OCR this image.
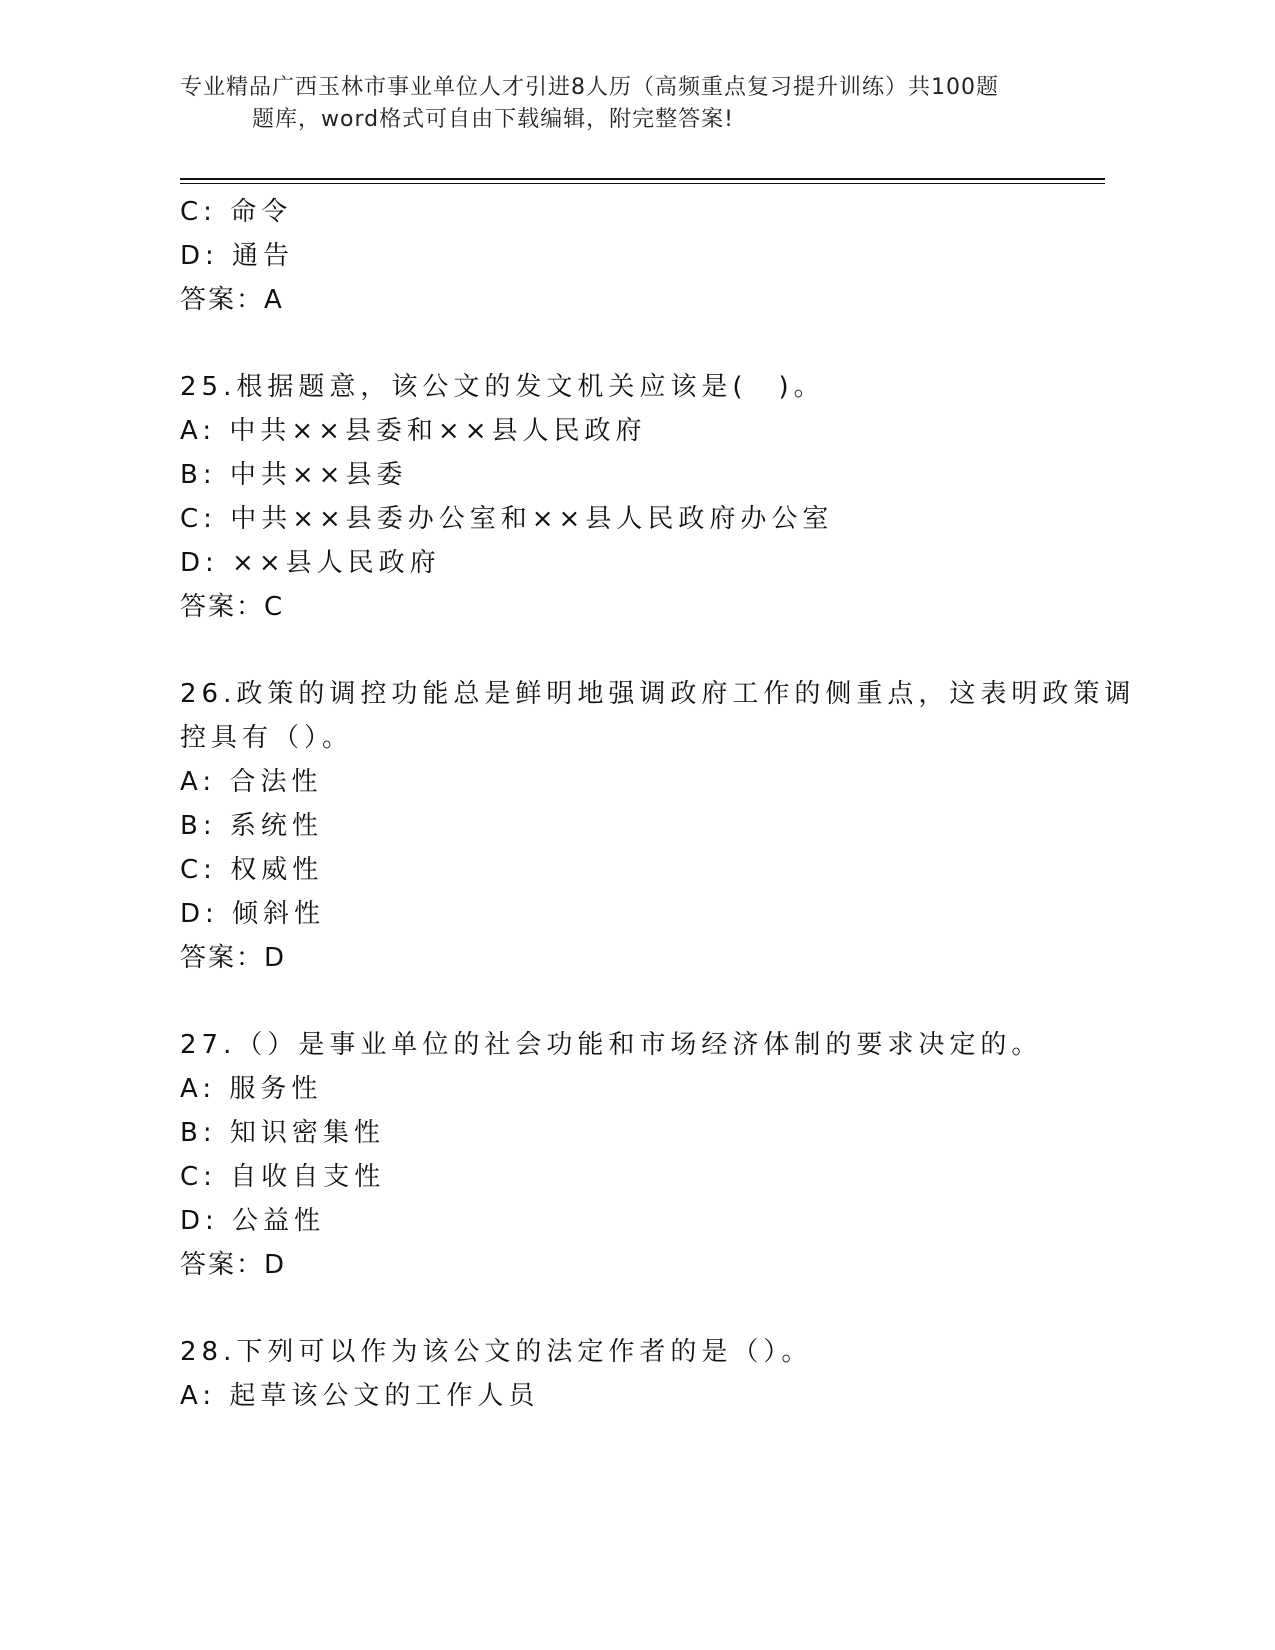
专业精品广西玉林市事业单位人才引进8人历（高频重点复习提升训练）共100题
题库，word格式可自由下载编辑，附完整答案!
C: 命令
D: 通告
答案：A
25.根据题意，该公文的发文机关应该是(　)。
A: 中共××县委和××县人民政府
B: 中共××县委
C: 中共××县委办公室和××县人民政府办公室
D: ××县人民政府
答案：C
26.政策的调控功能总是鲜明地强调政府工作的侧重点，这表明政策调
控具有（）。
A: 合法性
B: 系统性
C: 权威性
D: 倾斜性
答案：D
27.（）是事业单位的社会功能和市场经济体制的要求决定的。
A: 服务性
B: 知识密集性
C: 自收自支性
D: 公益性
答案：D
28.下列可以作为该公文的法定作者的是（）。
A: 起草该公文的工作人员
